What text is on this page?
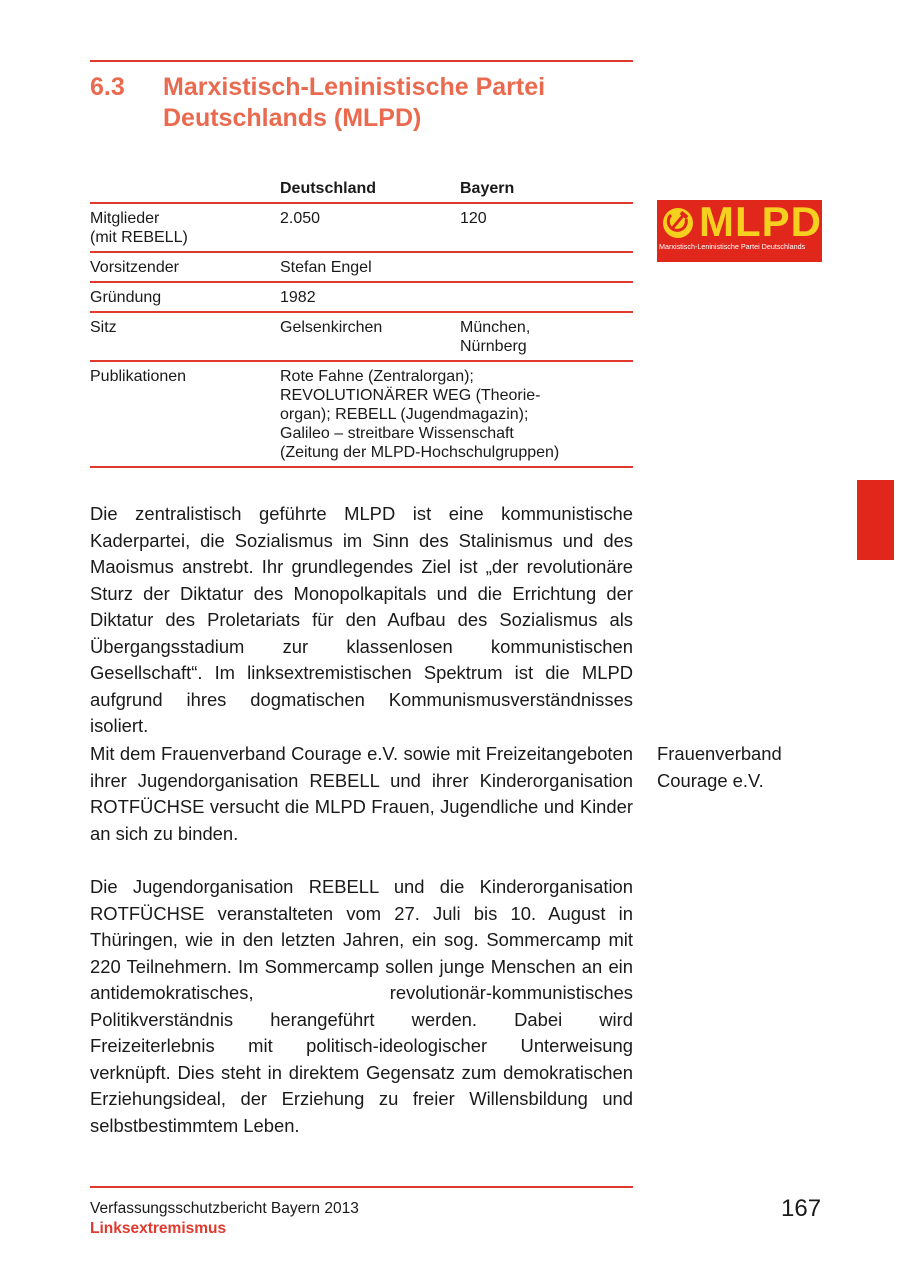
6.3 Marxistisch-Leninistische Partei
Deutschlands (MLPD)
	Deutschland	Bayern

Mitglieder
(mit REBELL)	2.050	120

Vorsitzender	Stefan Engel	

Gründung	1982	

Sitz	Gelsenkirchen	München,
Nürnberg

Publikationen	Rote Fahne (Zentralorgan);
REVOLUTIONÄRER WEG (Theorie-
organ); REBELL (Jugendmagazin);
Galileo – streitbare Wissenschaft
(Zeitung der MLPD-Hochschulgruppen)	
MLPD
Marxistisch-Leninistische Partei Deutschlands

Die zentralistisch geführte MLPD ist eine kommunistische Kaderpartei, die Sozialismus im Sinn des Stalinismus und des Maoismus anstrebt. Ihr grundlegendes Ziel ist „der revolutionäre Sturz der Diktatur des Monopolkapitals und die Errichtung der Diktatur des Proletariats für den Aufbau des Sozialismus als Übergangsstadium zur klassenlosen kommunistischen Gesellschaft“. Im linksextremistischen Spektrum ist die MLPD aufgrund ihres dogmatischen Kommunismusverständnisses isoliert.

Mit dem Frauenverband Courage e.V. sowie mit Freizeitangeboten ihrer Jugendorganisation REBELL und ihrer Kinderorganisation ROTFÜCHSE versucht die MLPD Frauen, Jugendliche und Kinder an sich zu binden.

Die Jugendorganisation REBELL und die Kinderorganisation ROTFÜCHSE veranstalteten vom 27. Juli bis 10. August in Thüringen, wie in den letzten Jahren, ein sog. Sommercamp mit 220 Teilnehmern. Im Sommercamp sollen junge Menschen an ein antidemokratisches, revolutionär-kommunistisches Politikverständnis herangeführt werden. Dabei wird Freizeiterlebnis mit politisch-ideologischer Unterweisung verknüpft. Dies steht in direktem Gegensatz zum demokratischen Erziehungsideal, der Erziehung zu freier Willensbildung und selbstbestimmtem Leben.

Frauenverband
Courage e.V.
Verfassungsschutzbericht Bayern 2013
Linksextremismus
167
